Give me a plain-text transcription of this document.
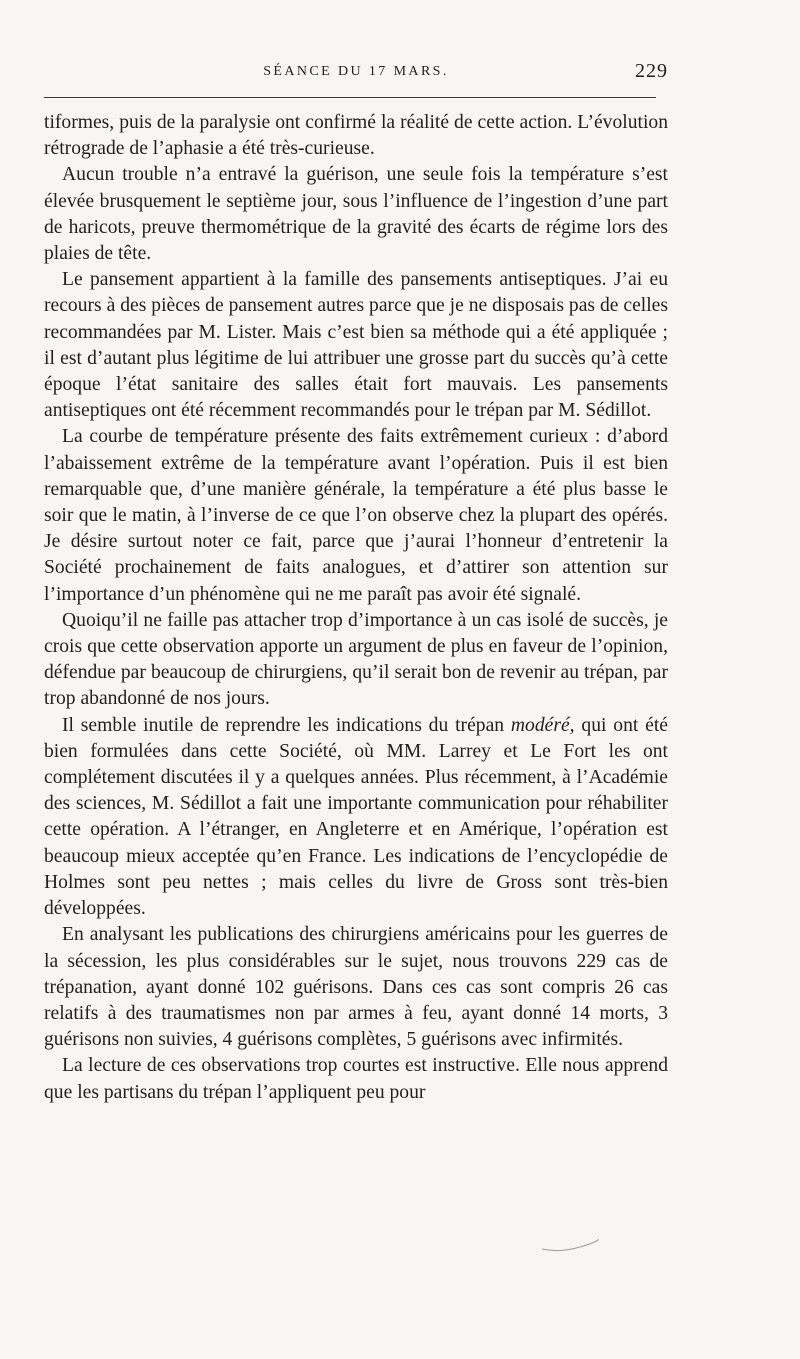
SÉANCE DU 17 MARS.	229

tiformes, puis de la paralysie ont confirmé la réalité de cette action. L’évolution rétrograde de l’aphasie a été très-curieuse.

Aucun trouble n’a entravé la guérison, une seule fois la température s’est élevée brusquement le septième jour, sous l’influence de l’ingestion d’une part de haricots, preuve thermométrique de la gravité des écarts de régime lors des plaies de tête.

Le pansement appartient à la famille des pansements antiseptiques. J’ai eu recours à des pièces de pansement autres parce que je ne disposais pas de celles recommandées par M. Lister. Mais c’est bien sa méthode qui a été appliquée ; il est d’autant plus légitime de lui attribuer une grosse part du succès qu’à cette époque l’état sanitaire des salles était fort mauvais. Les pansements antiseptiques ont été récemment recommandés pour le trépan par M. Sédillot.

La courbe de température présente des faits extrêmement curieux : d’abord l’abaissement extrême de la température avant l’opération. Puis il est bien remarquable que, d’une manière générale, la température a été plus basse le soir que le matin, à l’inverse de ce que l’on observe chez la plupart des opérés. Je désire surtout noter ce fait, parce que j’aurai l’honneur d’entretenir la Société prochainement de faits analogues, et d’attirer son attention sur l’importance d’un phénomène qui ne me paraît pas avoir été signalé.

Quoiqu’il ne faille pas attacher trop d’importance à un cas isolé de succès, je crois que cette observation apporte un argument de plus en faveur de l’opinion, défendue par beaucoup de chirurgiens, qu’il serait bon de revenir au trépan, par trop abandonné de nos jours.

Il semble inutile de reprendre les indications du trépan modéré, qui ont été bien formulées dans cette Société, où MM. Larrey et Le Fort les ont complétement discutées il y a quelques années. Plus récemment, à l’Académie des sciences, M. Sédillot a fait une importante communication pour réhabiliter cette opération. A l’étranger, en Angleterre et en Amérique, l’opération est beaucoup mieux acceptée qu’en France. Les indications de l’encyclopédie de Holmes sont peu nettes ; mais celles du livre de Gross sont très-bien développées.

En analysant les publications des chirurgiens américains pour les guerres de la sécession, les plus considérables sur le sujet, nous trouvons 229 cas de trépanation, ayant donné 102 guérisons. Dans ces cas sont compris 26 cas relatifs à des traumatismes non par armes à feu, ayant donné 14 morts, 3 guérisons non suivies, 4 guérisons complètes, 5 guérisons avec infirmités.

La lecture de ces observations trop courtes est instructive. Elle nous apprend que les partisans du trépan l’appliquent peu pour
